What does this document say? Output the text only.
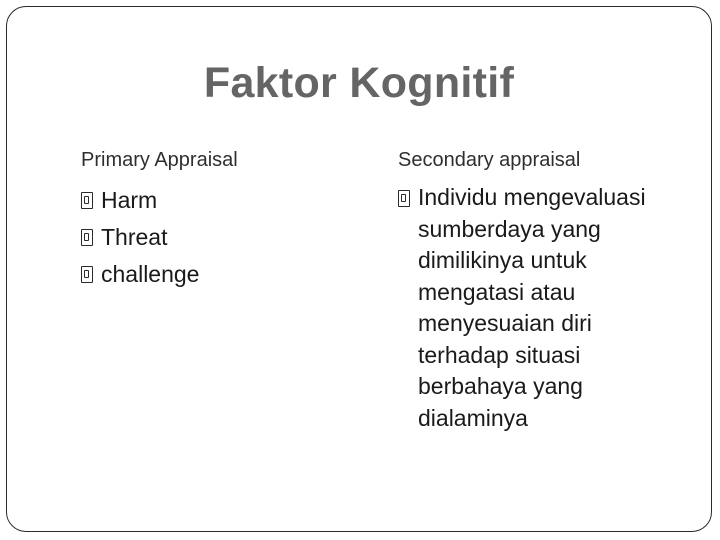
Faktor Kognitif
Primary Appraisal	Secondary appraisal
Harm
Threat
challenge
Individu mengevaluasi sumberdaya yang dimilikinya untuk mengatasi atau menyesuaian diri terhadap situasi berbahaya yang dialaminya
